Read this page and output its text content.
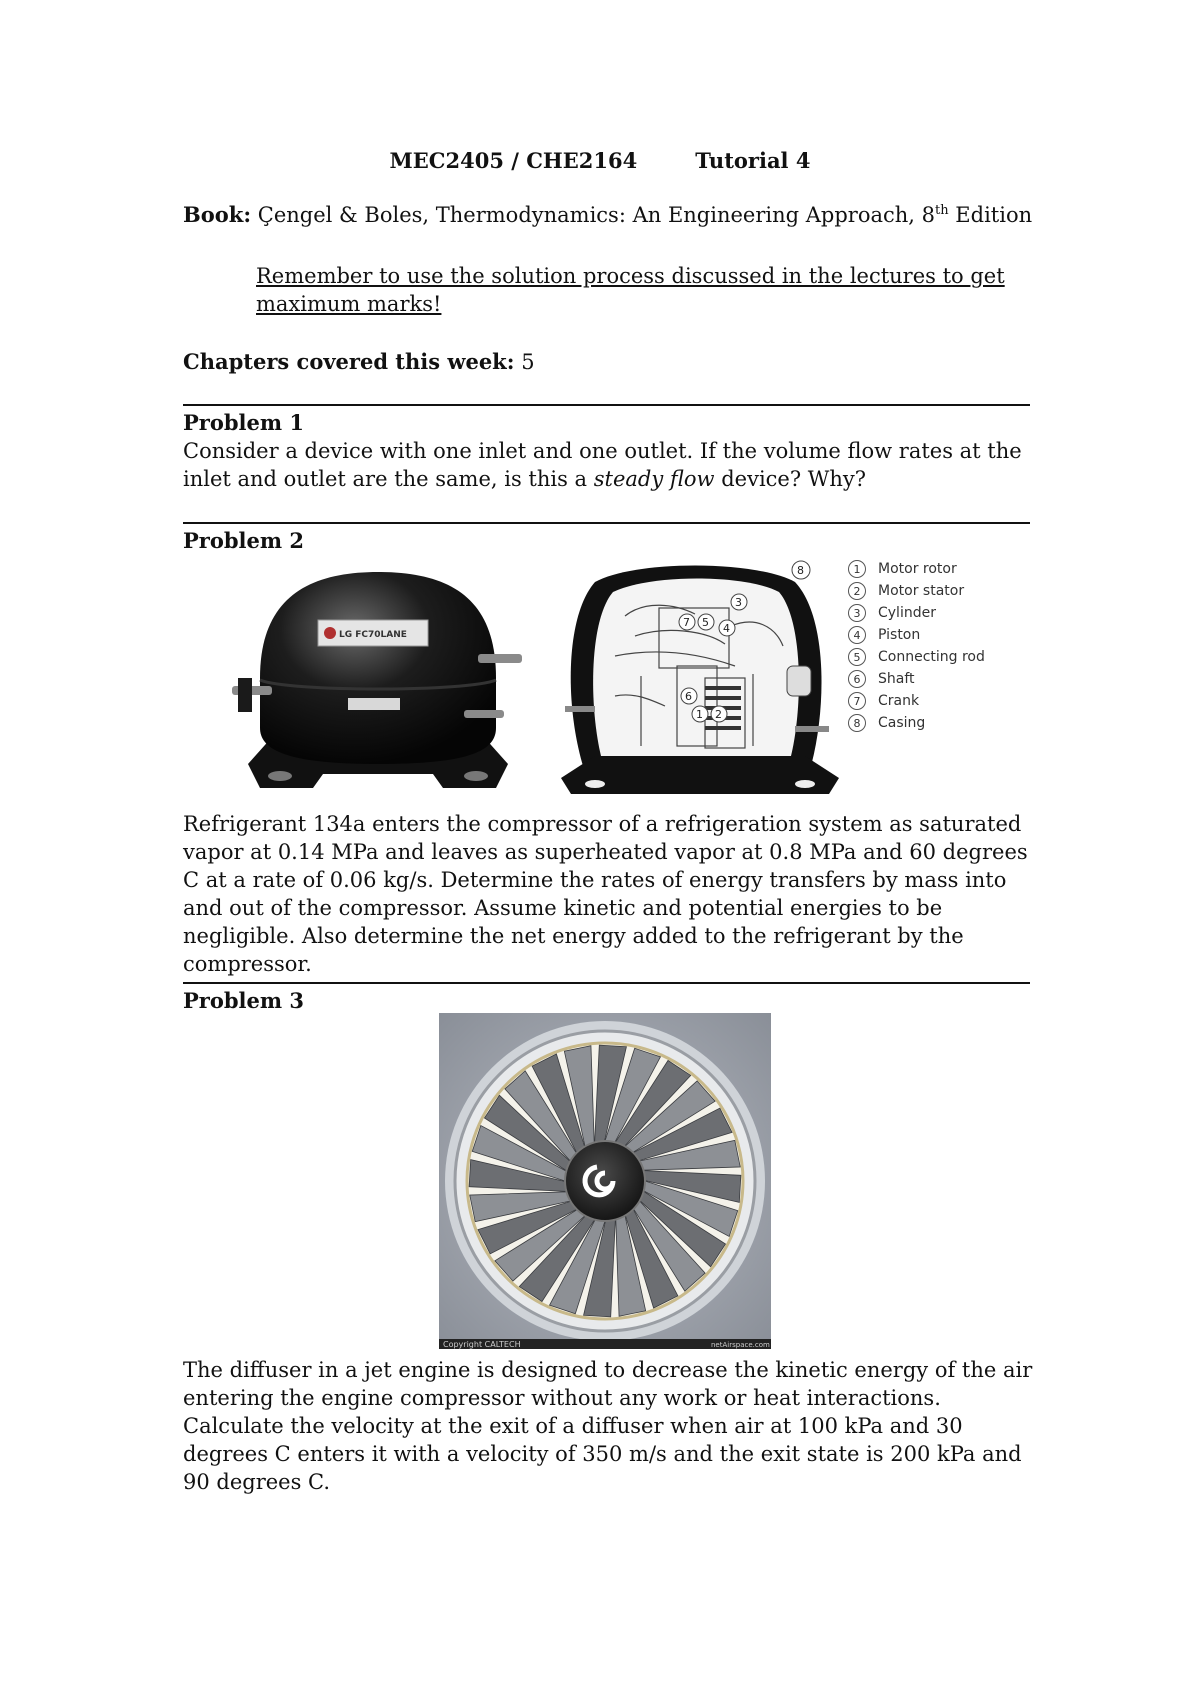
MEC2405 / CHE2164	Tutorial 4
Book: Çengel & Boles, Thermodynamics: An Engineering Approach, 8th Edition
Remember to use the solution process discussed in the lectures to get maximum marks!
Chapters covered this week: 5
Problem 1
Consider a device with one inlet and one outlet. If the volume flow rates at the inlet and outlet are the same, is this a steady flow device? Why?
Problem 2
LG FC70LANE
8
3
7 5 4
6
1 2
1	Motor rotor
2	Motor stator
3	Cylinder
4	Piston
5	Connecting rod
6	Shaft
7	Crank
8	Casing
Refrigerant 134a enters the compressor of a refrigeration system as saturated vapor at 0.14 MPa and leaves as superheated vapor at 0.8 MPa and 60 degrees C at a rate of 0.06 kg/s. Determine the rates of energy transfers by mass into and out of the compressor. Assume kinetic and potential energies to be negligible. Also determine the net energy added to the refrigerant by the compressor.
Problem 3
Copyright CALTECH	netAirspace.com
The diffuser in a jet engine is designed to decrease the kinetic energy of the air entering the engine compressor without any work or heat interactions. Calculate the velocity at the exit of a diffuser when air at 100 kPa and 30 degrees C enters it with a velocity of 350 m/s and the exit state is 200 kPa and 90 degrees C.
